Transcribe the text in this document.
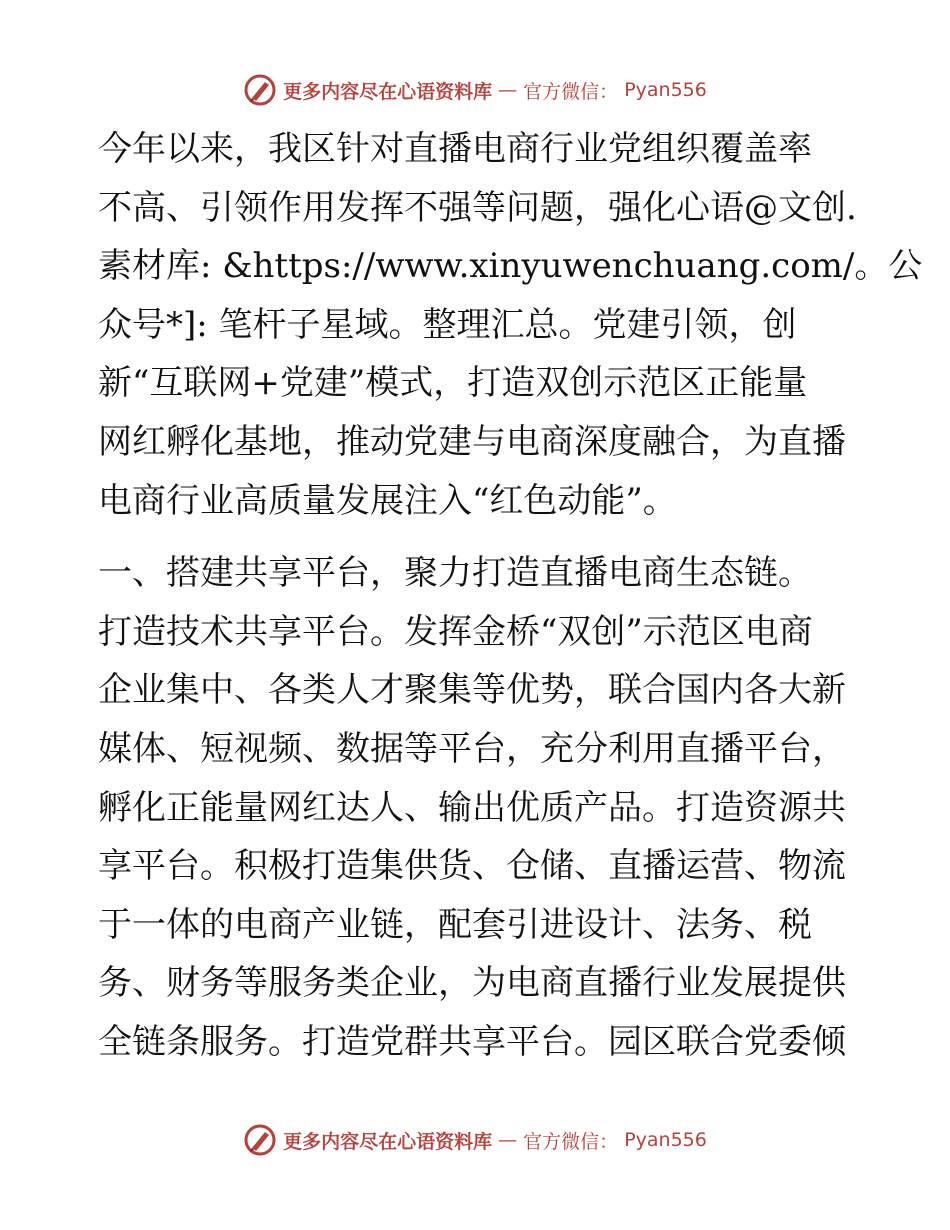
更多内容尽在心语资料库 — 官方微信： Pyan556

今年以来，我区针对直播电商行业党组织覆盖率
不高、引领作用发挥不强等问题，强化心语@文创.
素材库: &https://www.xinyuwenchuang.com/。公
众号*]: 笔杆子星域。整理汇总。党建引领，创
新“互联网+党建”模式，打造双创示范区正能量
网红孵化基地，推动党建与电商深度融合，为直播
电商行业高质量发展注入“红色动能”。

一、搭建共享平台，聚力打造直播电商生态链。
打造技术共享平台。发挥金桥“双创”示范区电商
企业集中、各类人才聚集等优势，联合国内各大新
媒体、短视频、数据等平台，充分利用直播平台，
孵化正能量网红达人、输出优质产品。打造资源共
享平台。积极打造集供货、仓储、直播运营、物流
于一体的电商产业链，配套引进设计、法务、税
务、财务等服务类企业，为电商直播行业发展提供
全链条服务。打造党群共享平台。园区联合党委倾

更多内容尽在心语资料库 — 官方微信： Pyan556
